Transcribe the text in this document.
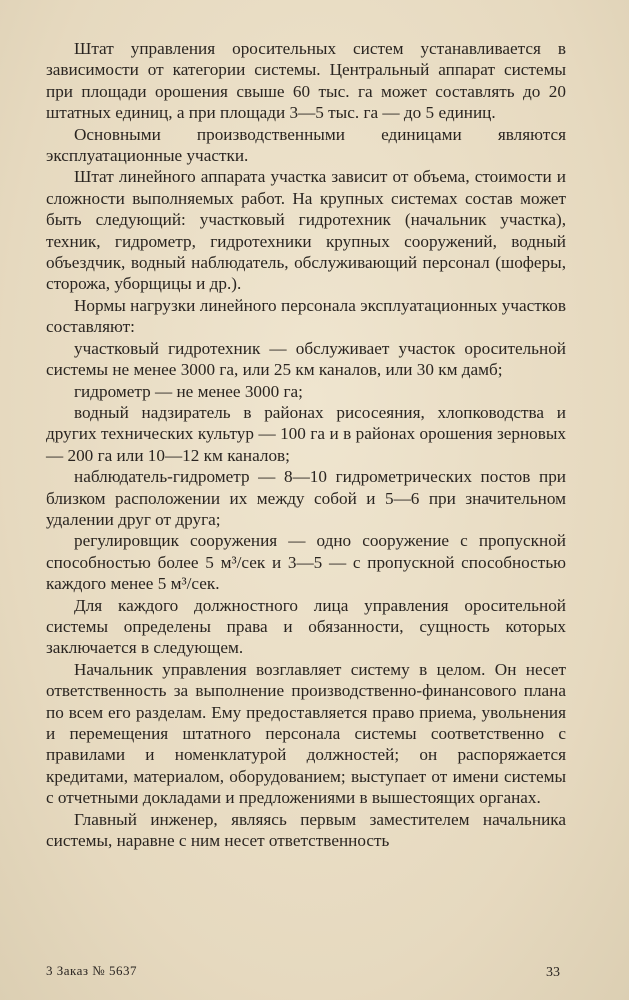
Штат управления оросительных систем устанавливается в зависимости от категории системы. Центральный аппарат системы при площади орошения свыше 60 тыс. га может составлять до 20 штатных единиц, а при площади 3—5 тыс. га — до 5 единиц.

Основными производственными единицами являются эксплуатационные участки.

Штат линейного аппарата участка зависит от объема, стоимости и сложности выполняемых работ. На крупных системах состав может быть следующий: участковый гидротехник (начальник участка), техник, гидрометр, гидротехники крупных сооружений, водный объездчик, водный наблюдатель, обслуживающий персонал (шоферы, сторожа, уборщицы и др.).

Нормы нагрузки линейного персонала эксплуатационных участков составляют:

участковый гидротехник — обслуживает участок оросительной системы не менее 3000 га, или 25 км каналов, или 30 км дамб;

гидрометр — не менее 3000 га;

водный надзиратель в районах рисосеяния, хлопководства и других технических культур — 100 га и в районах орошения зерновых — 200 га или 10—12 км каналов;

наблюдатель-гидрометр — 8—10 гидрометрических постов при близком расположении их между собой и 5—6 при значительном удалении друг от друга;

регулировщик сооружения — одно сооружение с пропускной способностью более 5 м³/сек и 3—5 — с пропускной способностью каждого менее 5 м³/сек.

Для каждого должностного лица управления оросительной системы определены права и обязанности, сущность которых заключается в следующем.

Начальник управления возглавляет систему в целом. Он несет ответственность за выполнение производственно-финансового плана по всем его разделам. Ему предоставляется право приема, увольнения и перемещения штатного персонала системы соответственно с правилами и номенклатурой должностей; он распоряжается кредитами, материалом, оборудованием; выступает от имени системы с отчетными докладами и предложениями в вышестоящих органах.

Главный инженер, являясь первым заместителем начальника системы, наравне с ним несет ответственность

3 Заказ № 5637	33
